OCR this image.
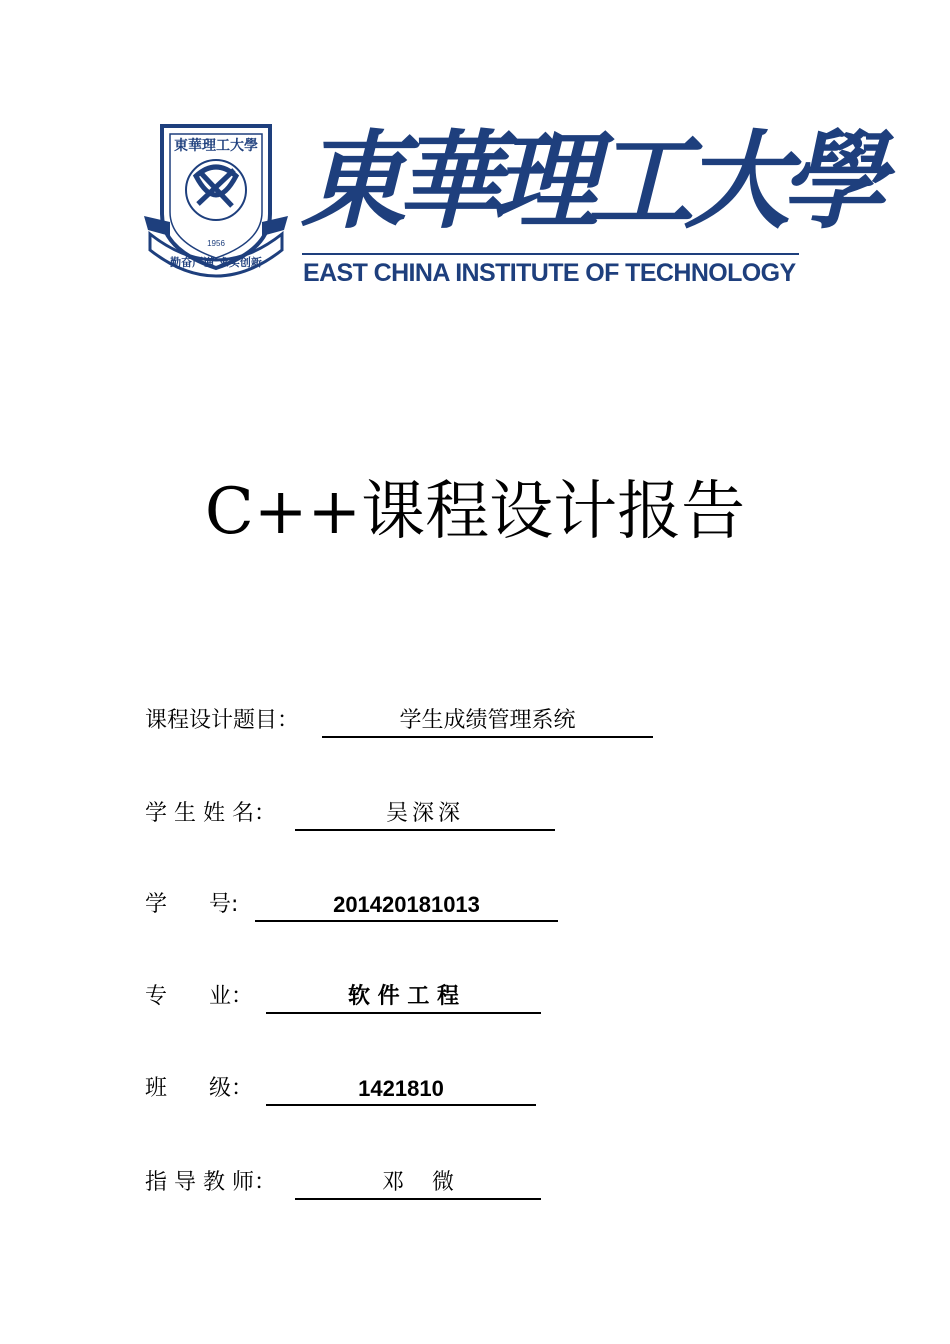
東華理工大學
1956
勤奋严谨 求实创新
東華理工大學
EAST CHINA INSTITUTE OF TECHNOLOGY
C++课程设计报告
课程设计题目：	学生成绩管理系统
学 生 姓 名：	吴深深
学      号:	201420181013
专      业：	软 件 工 程
班      级：	1421810
指 导 教 师：	邓    微
